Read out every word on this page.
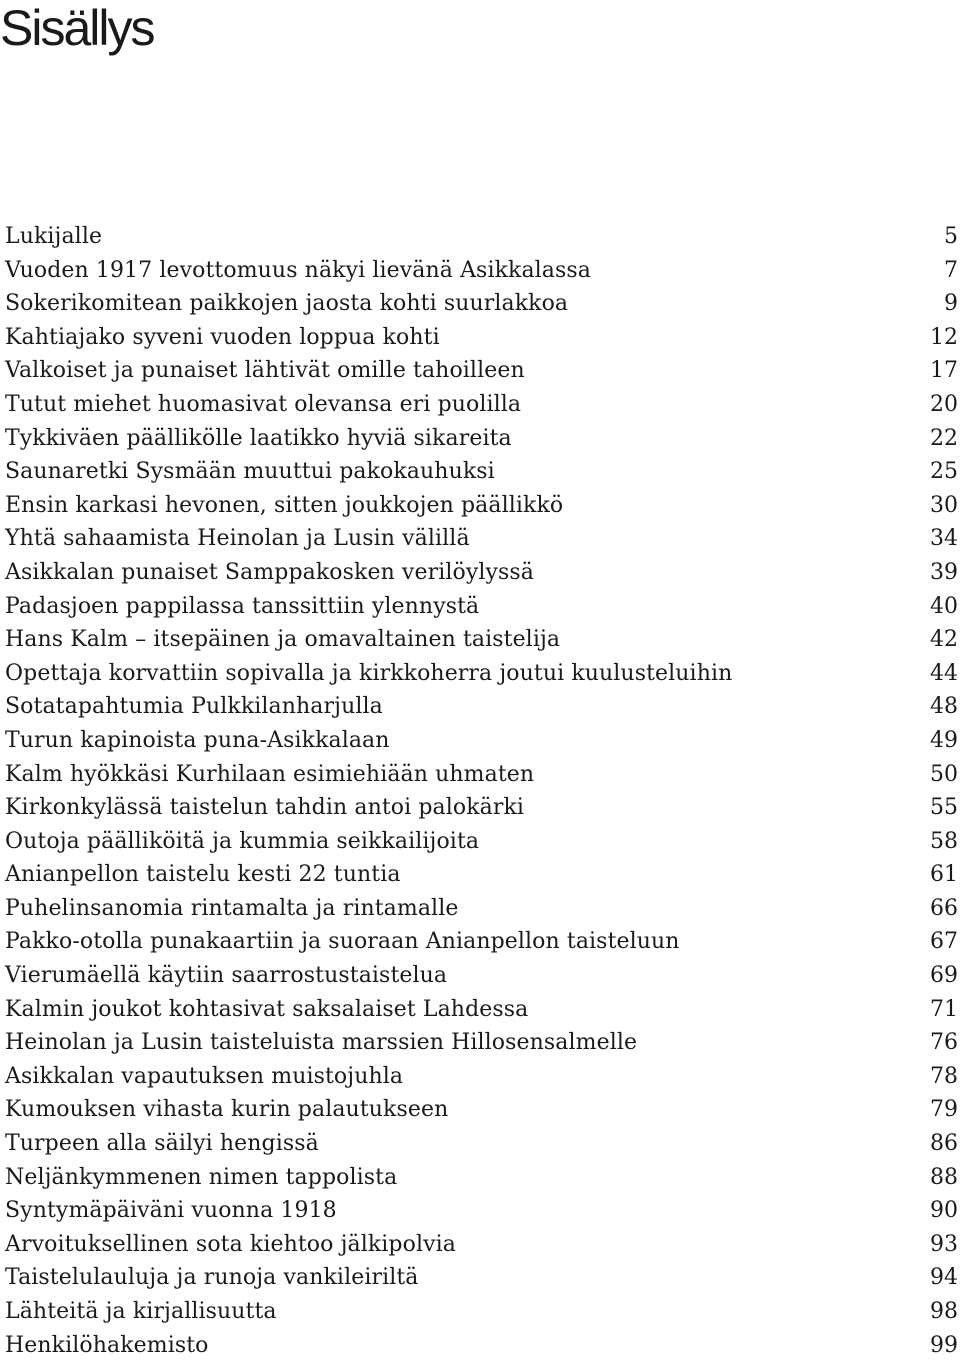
Sisällys
Lukijalle	5
Vuoden 1917 levottomuus näkyi lievänä Asikkalassa	7
Sokerikomitean paikkojen jaosta kohti suurlakkoa	9
Kahtiajako syveni vuoden loppua kohti	12
Valkoiset ja punaiset lähtivät omille tahoilleen	17
Tutut miehet huomasivat olevansa eri puolilla	20
Tykkiväen päällikölle laatikko hyviä sikareita	22
Saunaretki Sysmään muuttui pakokauhuksi	25
Ensin karkasi hevonen, sitten joukkojen päällikkö	30
Yhtä sahaamista Heinolan ja Lusin välillä	34
Asikkalan punaiset Samppakosken verilöylyssä	39
Padasjoen pappilassa tanssittiin ylennystä	40
Hans Kalm – itsepäinen ja omavaltainen taistelija	42
Opettaja korvattiin sopivalla ja kirkkoherra joutui kuulusteluihin	44
Sotatapahtumia Pulkkilanharjulla	48
Turun kapinoista puna-Asikkalaan	49
Kalm hyökkäsi Kurhilaan esimiehiään uhmaten	50
Kirkonkylässä taistelun tahdin antoi palokärki	55
Outoja päälliköitä ja kummia seikkailijoita	58
Anianpellon taistelu kesti 22 tuntia	61
Puhelinsanomia rintamalta ja rintamalle	66
Pakko-otolla punakaartiin ja suoraan Anianpellon taisteluun	67
Vierumäellä käytiin saarrostustaistelua	69
Kalmin joukot kohtasivat saksalaiset Lahdessa	71
Heinolan ja Lusin taisteluista marssien Hillosensalmelle	76
Asikkalan vapautuksen muistojuhla	78
Kumouksen vihasta kurin palautukseen	79
Turpeen alla säilyi hengissä	86
Neljänkymmenen nimen tappolista	88
Syntymäpäiväni vuonna 1918	90
Arvoituksellinen sota kiehtoo jälkipolvia	93
Taistelulauluja ja runoja vankileiriltä	94
Lähteitä ja kirjallisuutta	98
Henkilöhakemisto	99
